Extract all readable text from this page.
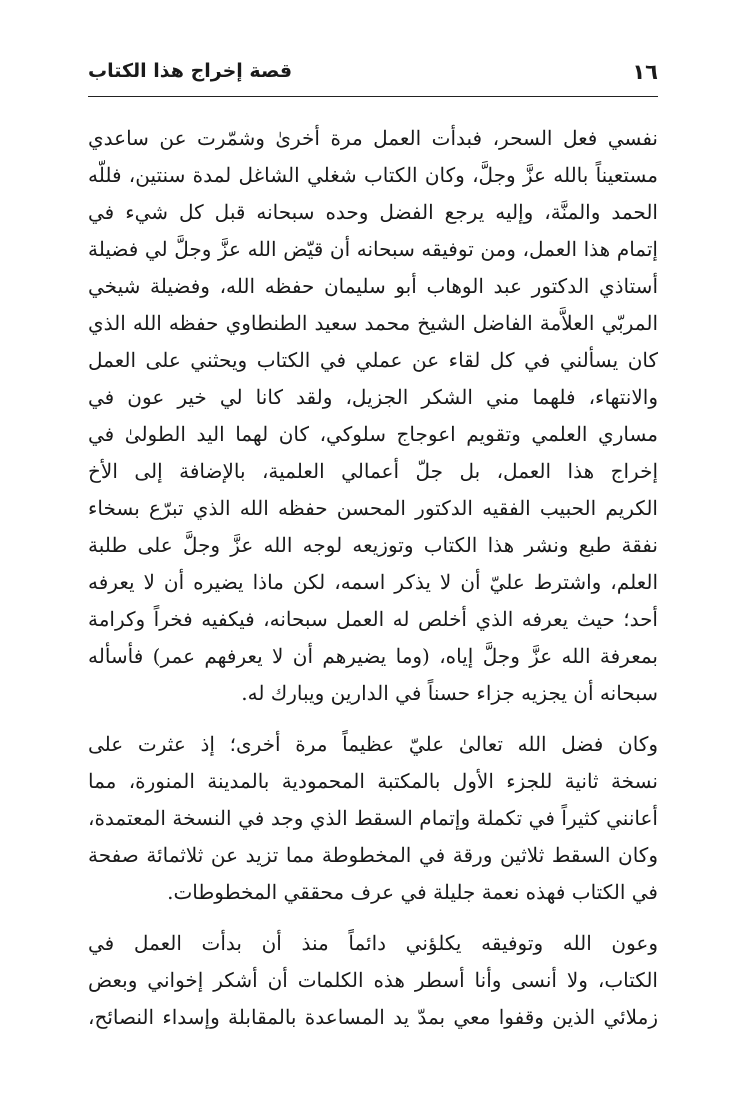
١٦
قصة إخراج هذا الكتاب
نفسي فعل السحر، فبدأت العمل مرة أخرىٰ وشمّرت عن ساعدي
مستعيناً بالله عزَّ وجلَّ، وكان الكتاب شغلي الشاغل لمدة سنتين، فللّه
الحمد والمنَّة، وإليه يرجع الفضل وحده سبحانه قبل كل شيء في
إتمام هذا العمل، ومن توفيقه سبحانه أن قيّض الله عزَّ وجلَّ لي فضيلة
أستاذي الدكتور عبد الوهاب أبو سليمان حفظه الله، وفضيلة شيخي
المربّي العلاَّمة الفاضل الشيخ محمد سعيد الطنطاوي حفظه الله الذي
كان يسألني في كل لقاء عن عملي في الكتاب ويحثني على العمل
والانتهاء، فلهما مني الشكر الجزيل، ولقد كانا لي خير عون في
مساري العلمي وتقويم اعوجاج سلوكي، كان لهما اليد الطولىٰ في
إخراج هذا العمل، بل جلّ أعمالي العلمية، بالإضافة إلى الأخ
الكريم الحبيب الفقيه الدكتور المحسن حفظه الله الذي تبرّع بسخاء
نفقة طبع ونشر هذا الكتاب وتوزيعه لوجه الله عزَّ وجلَّ على طلبة
العلم، واشترط عليّ أن لا يذكر اسمه، لكن ماذا يضيره أن لا يعرفه
أحد؛ حيث يعرفه الذي أخلص له العمل سبحانه، فيكفيه فخراً وكرامة
بمعرفة الله عزَّ وجلَّ إياه، (وما يضيرهم أن لا يعرفهم عمر) فأسأله
سبحانه أن يجزيه جزاء حسناً في الدارين ويبارك له.
وكان فضل الله تعالىٰ عليّ عظيماً مرة أخرى؛ إذ عثرت على
نسخة ثانية للجزء الأول بالمكتبة المحمودية بالمدينة المنورة، مما
أعانني كثيراً في تكملة وإتمام السقط الذي وجد في النسخة المعتمدة،
وكان السقط ثلاثين ورقة في المخطوطة مما تزيد عن ثلاثمائة صفحة
في الكتاب فهذه نعمة جليلة في عرف محققي المخطوطات.
وعون الله وتوفيقه يكلؤني دائماً منذ أن بدأت العمل في
الكتاب، ولا أنسى وأنا أسطر هذه الكلمات أن أشكر إخواني وبعض
زملائي الذين وقفوا معي بمدّ يد المساعدة بالمقابلة وإسداء النصائح،
